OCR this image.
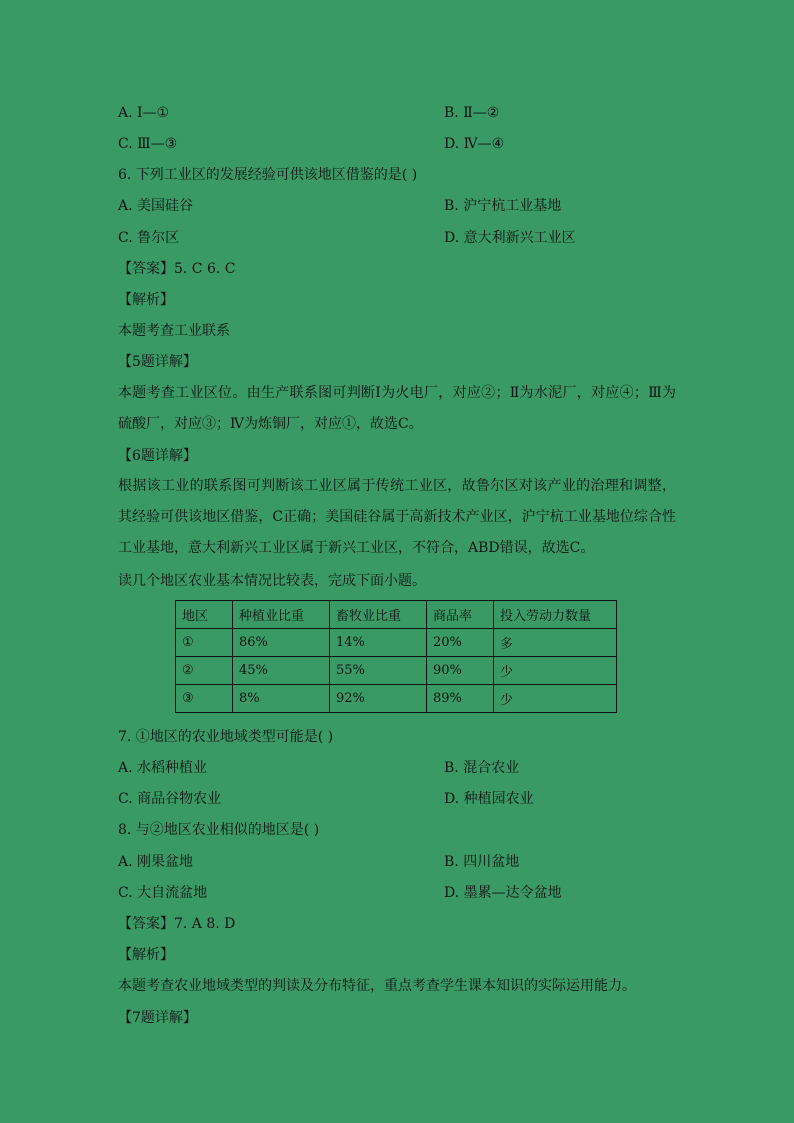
A. Ⅰ—①	B. Ⅱ—②
C. Ⅲ—③	D. Ⅳ—④
6. 下列工业区的发展经验可供该地区借鉴的是( )
A. 美国硅谷	B. 沪宁杭工业基地
C. 鲁尔区	D. 意大利新兴工业区
【答案】5. C 6. C
【解析】
本题考查工业联系
【5题详解】
本题考查工业区位。由生产联系图可判断Ⅰ为火电厂，对应②；Ⅱ为水泥厂，对应④；Ⅲ为硫酸厂，对应③；Ⅳ为炼铜厂，对应①，故选C。
【6题详解】
根据该工业的联系图可判断该工业区属于传统工业区，故鲁尔区对该产业的治理和调整，其经验可供该地区借鉴，C正确；美国硅谷属于高新技术产业区，沪宁杭工业基地位综合性工业基地，意大利新兴工业区属于新兴工业区，不符合，ABD错误，故选C。
读几个地区农业基本情况比较表，完成下面小题。
地区	种植业比重	畜牧业比重	商品率	投入劳动力数量
①	86%	14%	20%	多
②	45%	55%	90%	少
③	8%	92%	89%	少
7. ①地区的农业地域类型可能是( )
A. 水稻种植业	B. 混合农业
C. 商品谷物农业	D. 种植园农业
8. 与②地区农业相似的地区是( )
A. 刚果盆地	B. 四川盆地
C. 大自流盆地	D. 墨累—达令盆地
【答案】7. A 8. D
【解析】
本题考查农业地域类型的判读及分布特征，重点考查学生课本知识的实际运用能力。
【7题详解】
